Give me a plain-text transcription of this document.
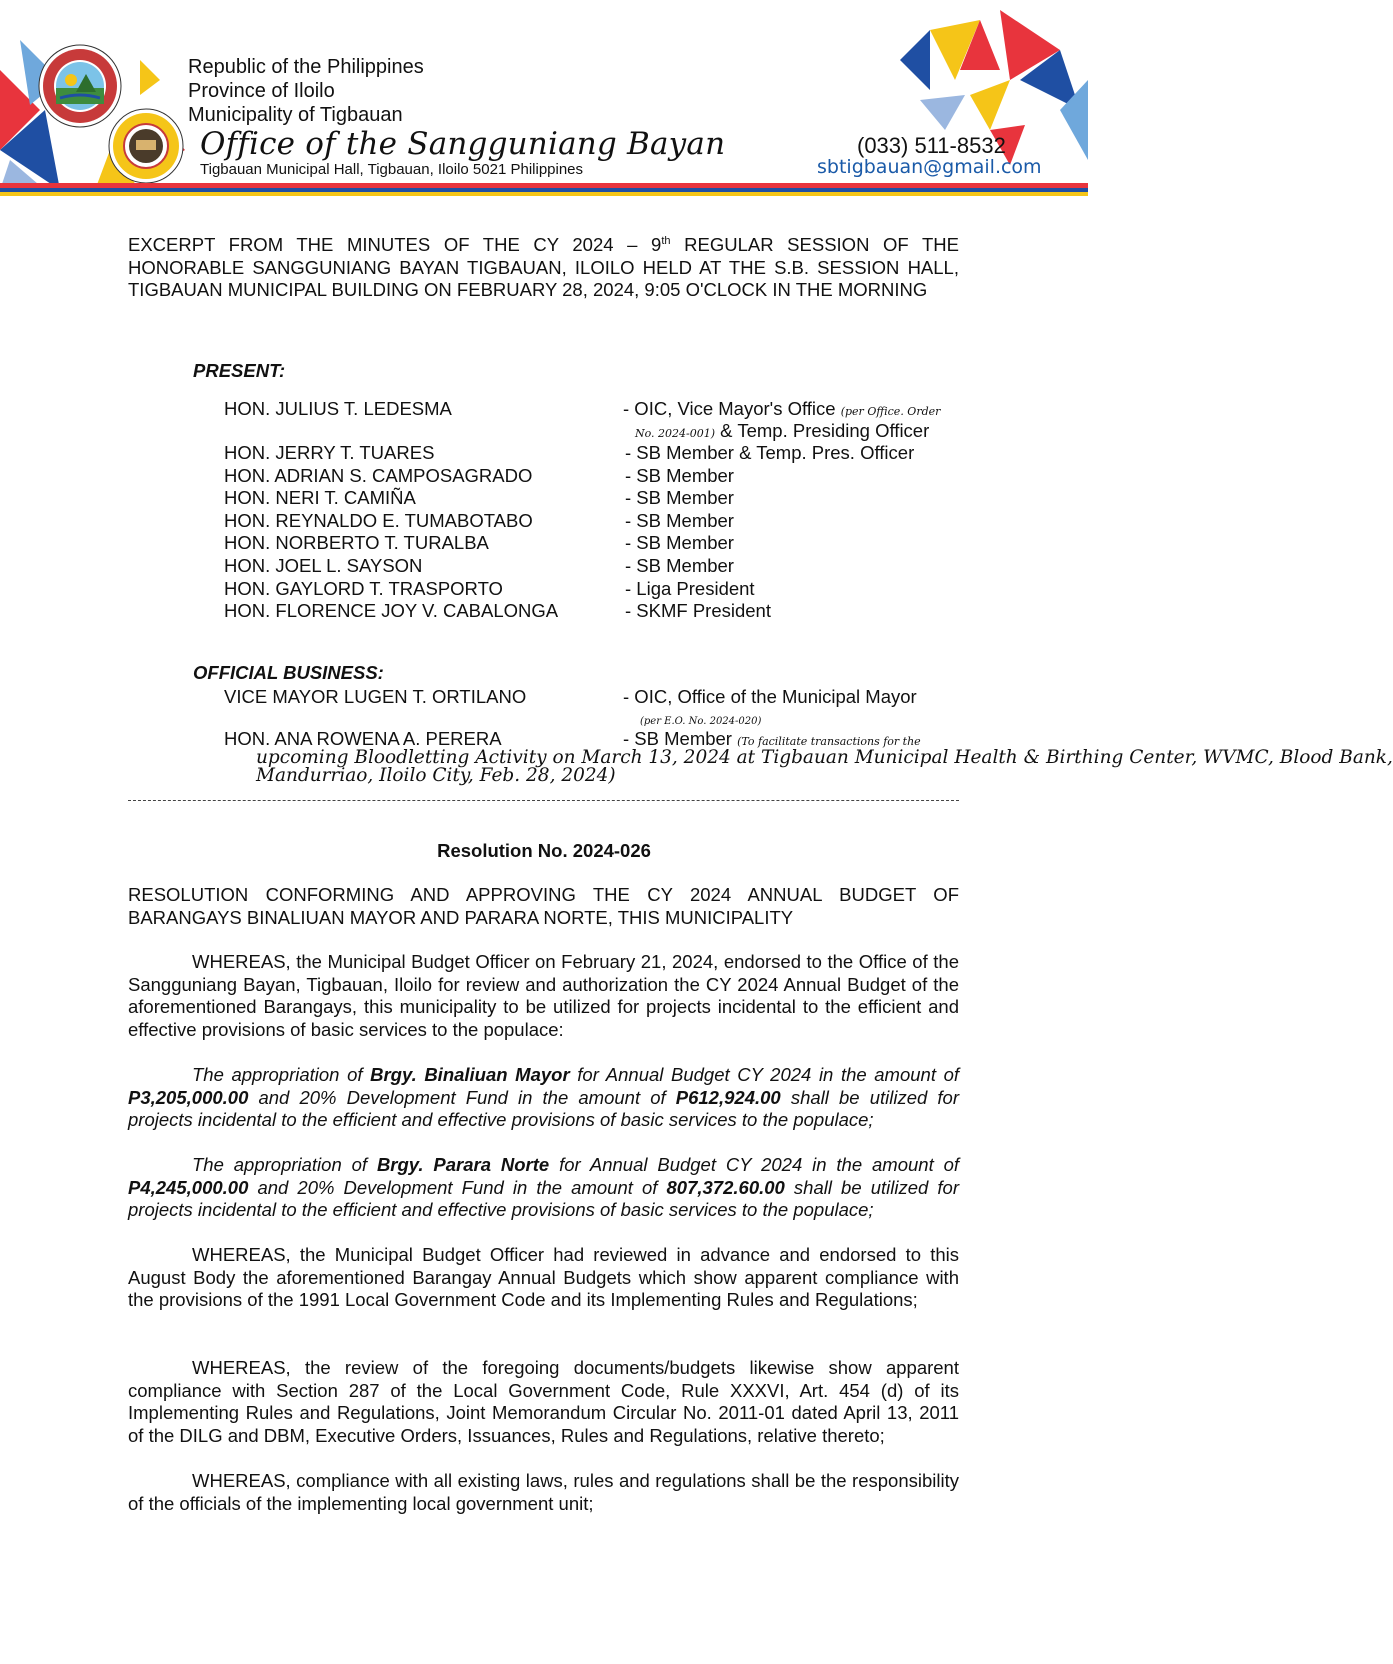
Republic of the Philippines
Province of Iloilo
Municipality of Tigbauan
Office of the Sangguniang Bayan
Tigbauan Municipal Hall, Tigbauan, Iloilo 5021 Philippines
(033) 511-8532
sbtigbauan@gmail.com
EXCERPT FROM THE MINUTES OF THE CY 2024 – 9th REGULAR SESSION OF THE HONORABLE SANGGUNIANG BAYAN TIGBAUAN, ILOILO HELD AT THE S.B. SESSION HALL, TIGBAUAN MUNICIPAL BUILDING ON FEBRUARY 28, 2024, 9:05 O'CLOCK IN THE MORNING
PRESENT:
HON. JULIUS T. LEDESMA	- OIC, Vice Mayor's Office (per Office. Order
No. 2024-001) & Temp. Presiding Officer
HON. JERRY T. TUARES	- SB Member & Temp. Pres. Officer
HON. ADRIAN S. CAMPOSAGRADO	- SB Member
HON. NERI T. CAMIÑA	- SB Member
HON. REYNALDO E. TUMABOTABO	- SB Member
HON. NORBERTO T. TURALBA	- SB Member
HON. JOEL L. SAYSON	- SB Member
HON. GAYLORD T. TRASPORTO	- Liga President
HON. FLORENCE JOY V. CABALONGA	- SKMF President
OFFICIAL BUSINESS:
VICE MAYOR LUGEN T. ORTILANO	- OIC, Office of the Municipal Mayor
(per E.O. No. 2024-020)
HON. ANA ROWENA A. PERERA	- SB Member (To facilitate transactions for the
upcoming Bloodletting Activity on March 13, 2024 at Tigbauan Municipal Health & Birthing Center, WVMC, Blood Bank,
Mandurriao, Iloilo City, Feb. 28, 2024)
Resolution No. 2024-026
RESOLUTION CONFORMING AND APPROVING THE CY 2024 ANNUAL BUDGET OF BARANGAYS BINALIUAN MAYOR AND PARARA NORTE, THIS MUNICIPALITY
WHEREAS, the Municipal Budget Officer on February 21, 2024, endorsed to the Office of the Sangguniang Bayan, Tigbauan, Iloilo for review and authorization the CY 2024 Annual Budget of the aforementioned Barangays, this municipality to be utilized for projects incidental to the efficient and effective provisions of basic services to the populace:
The appropriation of Brgy. Binaliuan Mayor for Annual Budget CY 2024 in the amount of P3,205,000.00 and 20% Development Fund in the amount of P612,924.00 shall be utilized for projects incidental to the efficient and effective provisions of basic services to the populace;
The appropriation of Brgy. Parara Norte for Annual Budget CY 2024 in the amount of P4,245,000.00 and 20% Development Fund in the amount of 807,372.60.00 shall be utilized for projects incidental to the efficient and effective provisions of basic services to the populace;
WHEREAS, the Municipal Budget Officer had reviewed in advance and endorsed to this August Body the aforementioned Barangay Annual Budgets which show apparent compliance with the provisions of the 1991 Local Government Code and its Implementing Rules and Regulations;
WHEREAS, the review of the foregoing documents/budgets likewise show apparent compliance with Section 287 of the Local Government Code, Rule XXXVI, Art. 454 (d) of its Implementing Rules and Regulations, Joint Memorandum Circular No. 2011-01 dated April 13, 2011 of the DILG and DBM, Executive Orders, Issuances, Rules and Regulations, relative thereto;
WHEREAS, compliance with all existing laws, rules and regulations shall be the responsibility of the officials of the implementing local government unit;
